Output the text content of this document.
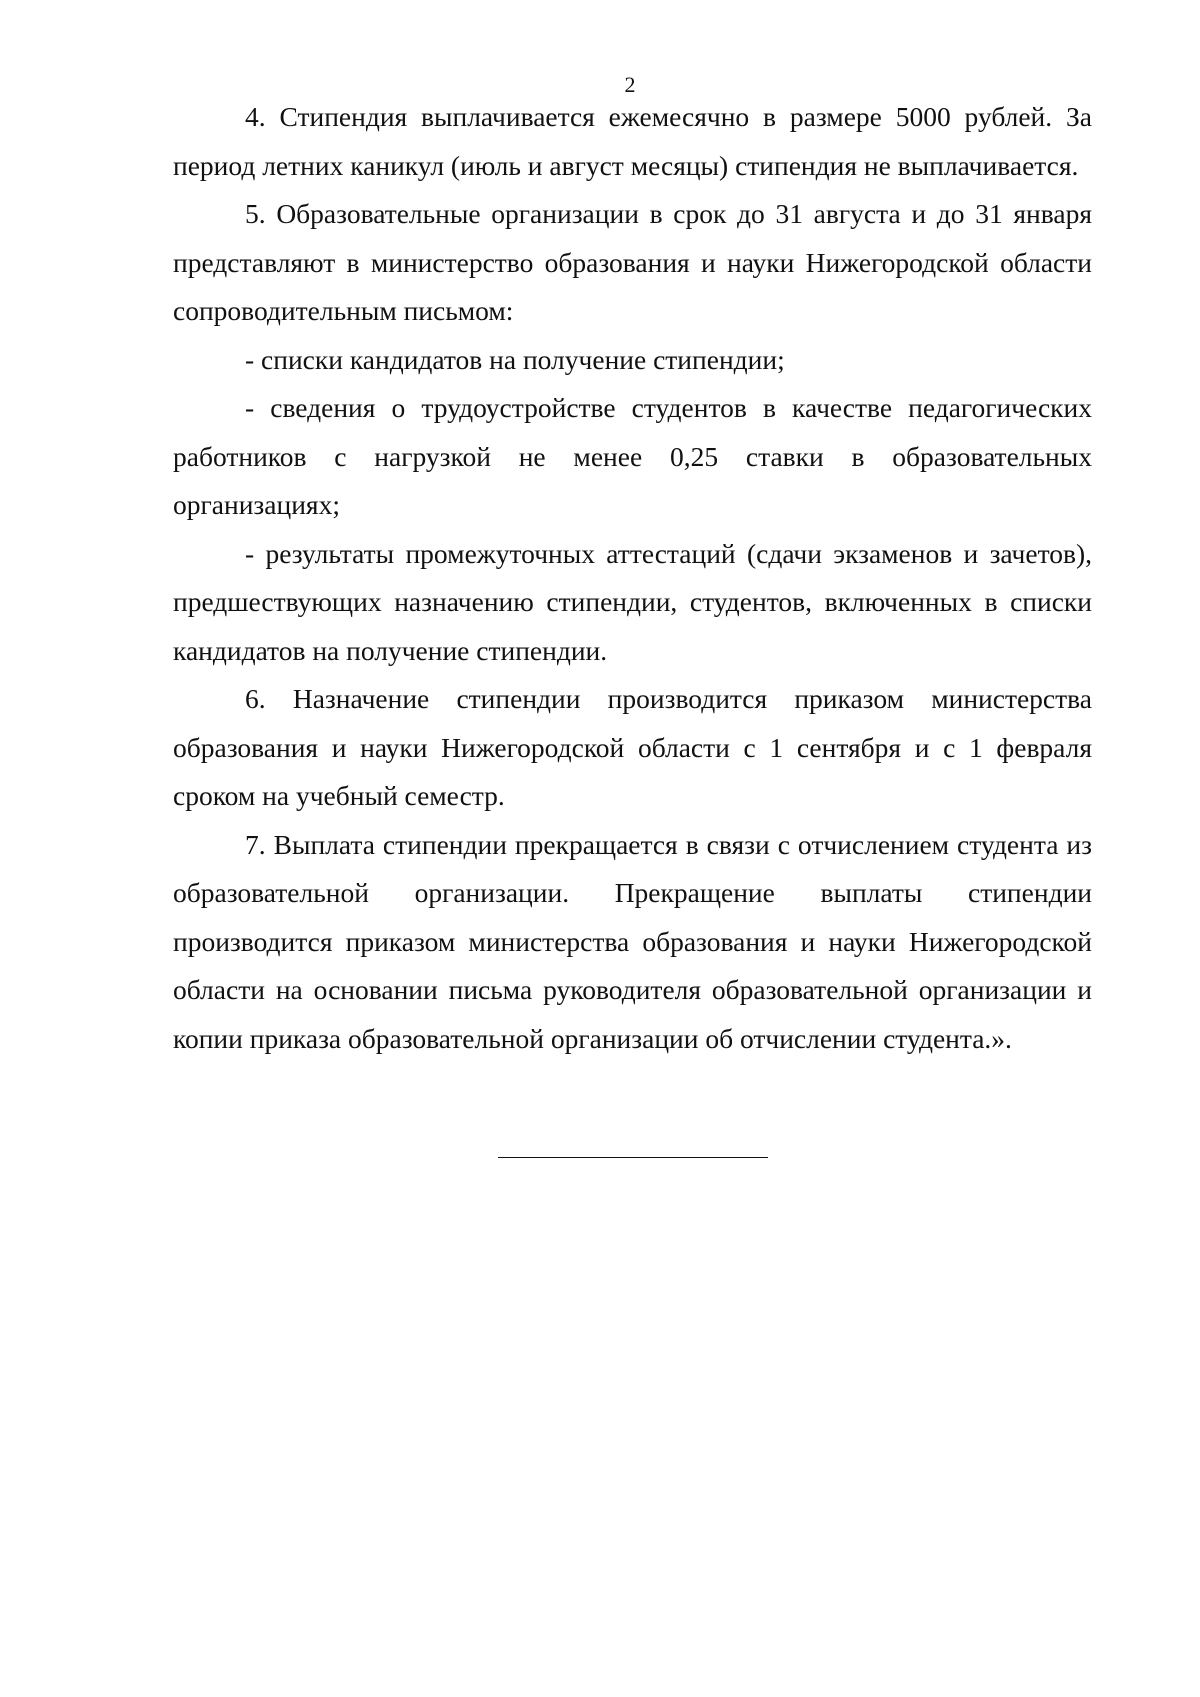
2

4. Стипендия выплачивается ежемесячно в размере 5000 рублей. За период летних каникул (июль и август месяцы) стипендия не выплачивается.

5. Образовательные организации в срок до 31 августа и до 31 января представляют в министерство образования и науки Нижегородской области сопроводительным письмом:

- списки кандидатов на получение стипендии;

- сведения о трудоустройстве студентов в качестве педагогических работников с нагрузкой не менее 0,25 ставки в образовательных организациях;

- результаты промежуточных аттестаций (сдачи экзаменов и зачетов), предшествующих назначению стипендии, студентов, включенных в списки кандидатов на получение стипендии.

6. Назначение стипендии производится приказом министерства образования и науки Нижегородской области с 1 сентября и с 1 февраля сроком на учебный семестр.

7. Выплата стипендии прекращается в связи с отчислением студента из образовательной организации. Прекращение выплаты стипендии производится приказом министерства образования и науки Нижегородской области на основании письма руководителя образовательной организации и копии приказа образовательной организации об отчислении студента.».
